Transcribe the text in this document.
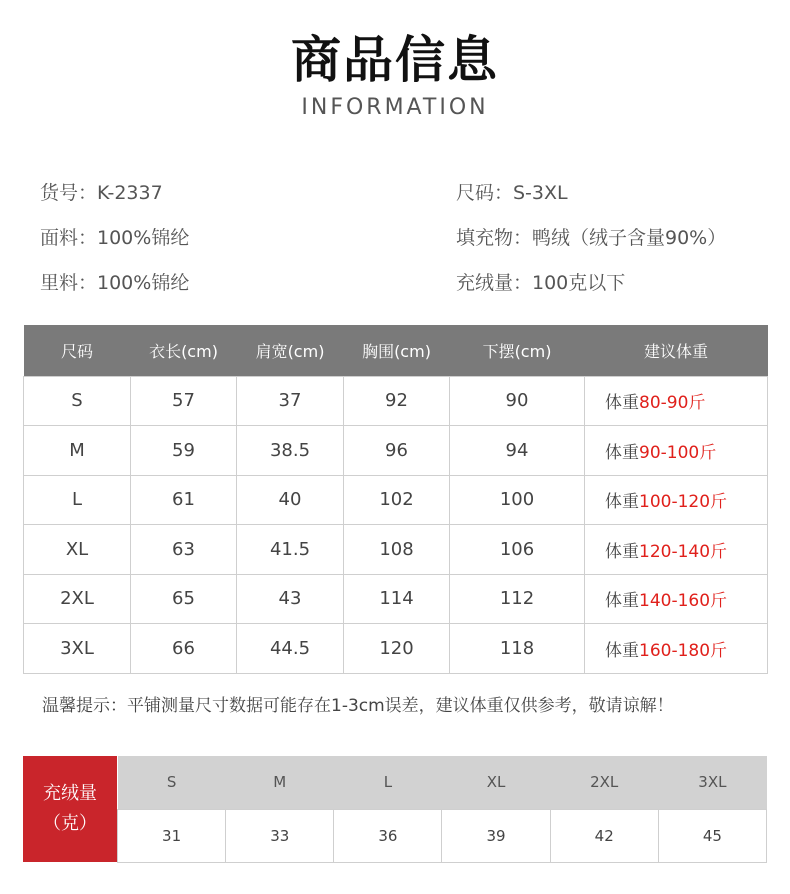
商品信息
INFORMATION
货号：K-2337
面料：100%锦纶
里料：100%锦纶
尺码：S-3XL
填充物：鸭绒（绒子含量90%）
充绒量：100克以下
尺码	衣长(cm)	肩宽(cm)	胸围(cm)	下摆(cm)	建议体重
S	57	37	92	90	体重80-90斤
M	59	38.5	96	94	体重90-100斤
L	61	40	102	100	体重100-120斤
XL	63	41.5	108	106	体重120-140斤
2XL	65	43	114	112	体重140-160斤
3XL	66	44.5	120	118	体重160-180斤
温馨提示：平铺测量尺寸数据可能存在1-3cm误差，建议体重仅供参考，敬请谅解！
充绒量
（克）
S	M	L	XL	2XL	3XL
31	33	36	39	42	45
